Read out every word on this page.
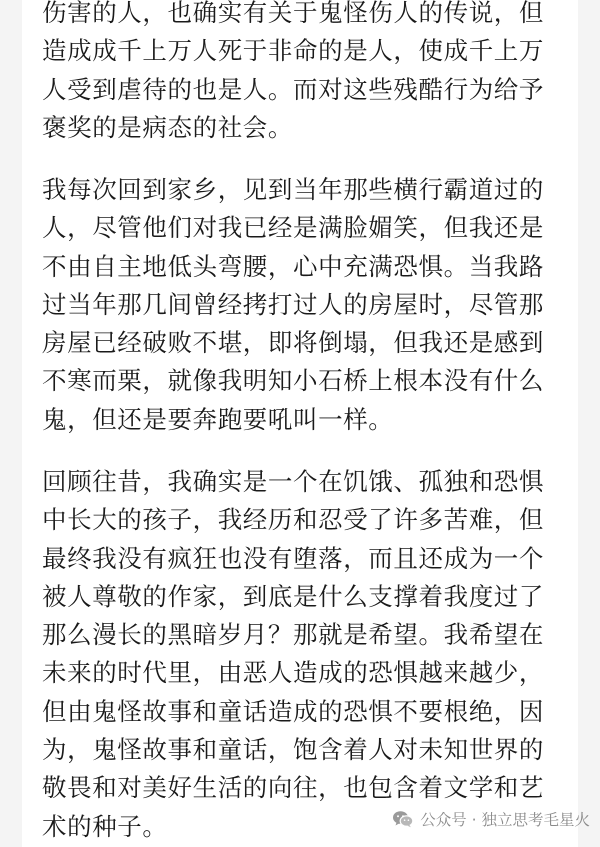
伤害的人，也确实有关于鬼怪伤人的传说，但
造成成千上万人死于非命的是人，使成千上万
人受到虐待的也是人。而对这些残酷行为给予
褒奖的是病态的社会。

我每次回到家乡，见到当年那些横行霸道过的
人，尽管他们对我已经是满脸媚笑，但我还是
不由自主地低头弯腰，心中充满恐惧。当我路
过当年那几间曾经拷打过人的房屋时，尽管那
房屋已经破败不堪，即将倒塌，但我还是感到
不寒而栗，就像我明知小石桥上根本没有什么
鬼，但还是要奔跑要吼叫一样。

回顾往昔，我确实是一个在饥饿、孤独和恐惧
中长大的孩子，我经历和忍受了许多苦难，但
最终我没有疯狂也没有堕落，而且还成为一个
被人尊敬的作家，到底是什么支撑着我度过了
那么漫长的黑暗岁月？那就是希望。我希望在
未来的时代里，由恶人造成的恐惧越来越少，
但由鬼怪故事和童话造成的恐惧不要根绝，因
为，鬼怪故事和童话，饱含着人对未知世界的
敬畏和对美好生活的向往，也包含着文学和艺
术的种子。	公众号 · 独立思考毛星火
